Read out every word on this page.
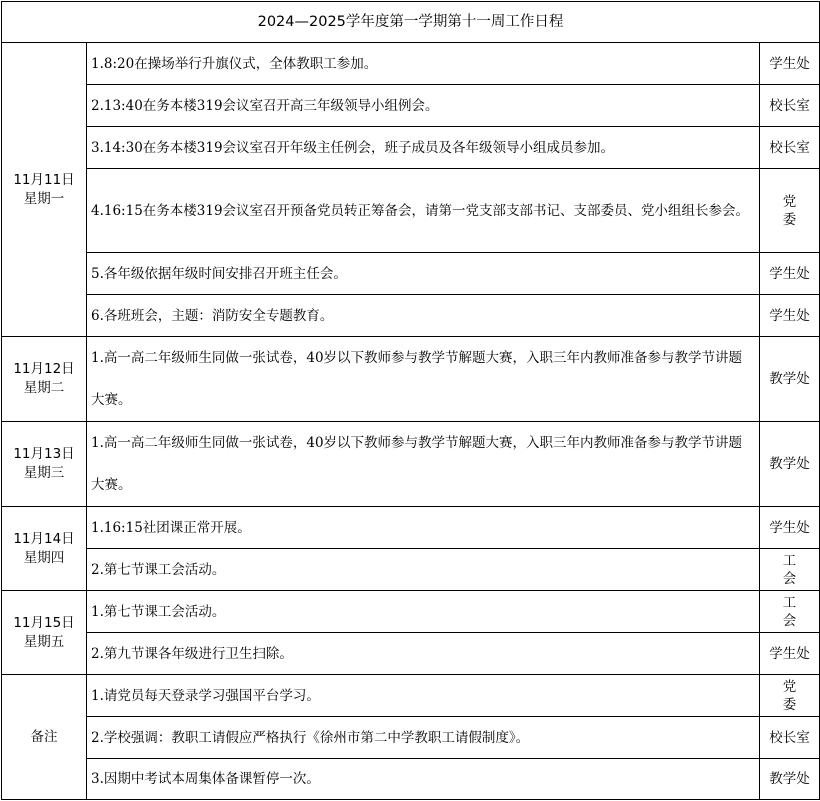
2024—2025学年度第一学期第十一周工作日程		

11月11日
星期一	1.8:20在操场举行升旗仪式，全体教职工参加。	学生处
	2.13:40在务本楼319会议室召开高三年级领导小组例会。	校长室
	3.14:30在务本楼319会议室召开年级主任例会，班子成员及各年级领导小组成员参加。	校长室
	4.16:15在务本楼319会议室召开预备党员转正筹备会，请第一党支部支部书记、支部委员、党小组组长参会。	党委
	5.各年级依据年级时间安排召开班主任会。	学生处
	6.各班班会，主题：消防安全专题教育。	学生处

11月12日
星期二	1.高一高二年级师生同做一张试卷，40岁以下教师参与教学节解题大赛，入职三年内教师准备参与教学节讲题大赛。	教学处

11月13日
星期三	1.高一高二年级师生同做一张试卷，40岁以下教师参与教学节解题大赛，入职三年内教师准备参与教学节讲题大赛。	教学处

11月14日
星期四	1.16:15社团课正常开展。	学生处
	2.第七节课工会活动。	工会

11月15日
星期五	1.第七节课工会活动。	工会
	2.第九节课各年级进行卫生扫除。	学生处
备注	1.请党员每天登录学习强国平台学习。	党委
	2.学校强调：教职工请假应严格执行《徐州市第二中学教职工请假制度》。	校长室
	3.因期中考试本周集体备课暂停一次。	教学处
